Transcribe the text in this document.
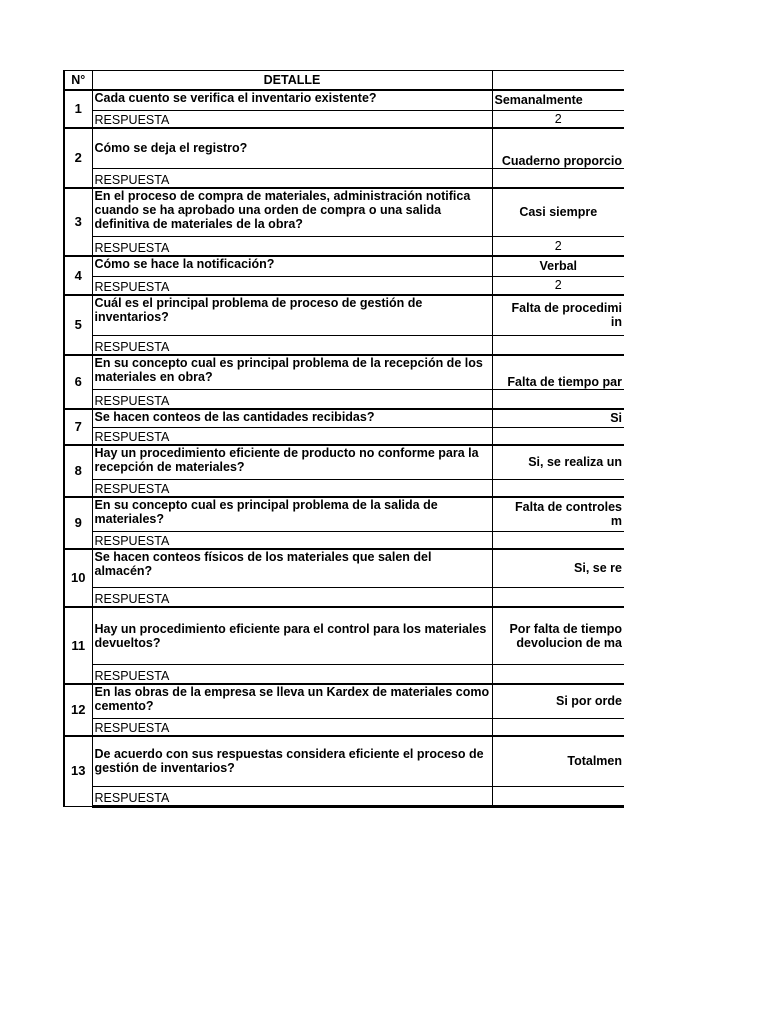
N°	DETALLE	
1	Cada cuento se verifica el inventario existente?	Semanalmente
	RESPUESTA	2
2	Cómo se deja el registro?	Cuaderno proporcio
	RESPUESTA	
3	En el proceso de compra de materiales, administración notifica cuando se ha aprobado una orden de compra o una salida definitiva de materiales de la obra?	Casi siempre
	RESPUESTA	2
4	Cómo se hace la notificación?	Verbal
	RESPUESTA	2
5	Cuál es el principal problema de proceso de gestión de inventarios?	Falta de procedimi
in

	RESPUESTA	
6	En su concepto cual es principal problema de la recepción de los materiales en obra?	Falta de tiempo par
	RESPUESTA	
7	Se hacen conteos de las cantidades recibidas?	Si
	RESPUESTA	
8	Hay un procedimiento eficiente de producto no conforme para la recepción de materiales?	Si, se realiza un
	RESPUESTA	
9	En su concepto cual es principal problema de la salida de materiales?	Falta de controles
m

	RESPUESTA	
10	Se hacen conteos físicos de los materiales que salen del almacén?	Si, se re
	RESPUESTA	
11	Hay un procedimiento eficiente para el control para los materiales devueltos?	Por falta de tiempo
devolucion de ma

	RESPUESTA	
12	En las obras de la empresa se lleva un Kardex de materiales como cemento?	Si por orde
	RESPUESTA	
13	De acuerdo con sus respuestas considera eficiente el proceso de gestión de inventarios?	Totalmen
	RESPUESTA	
